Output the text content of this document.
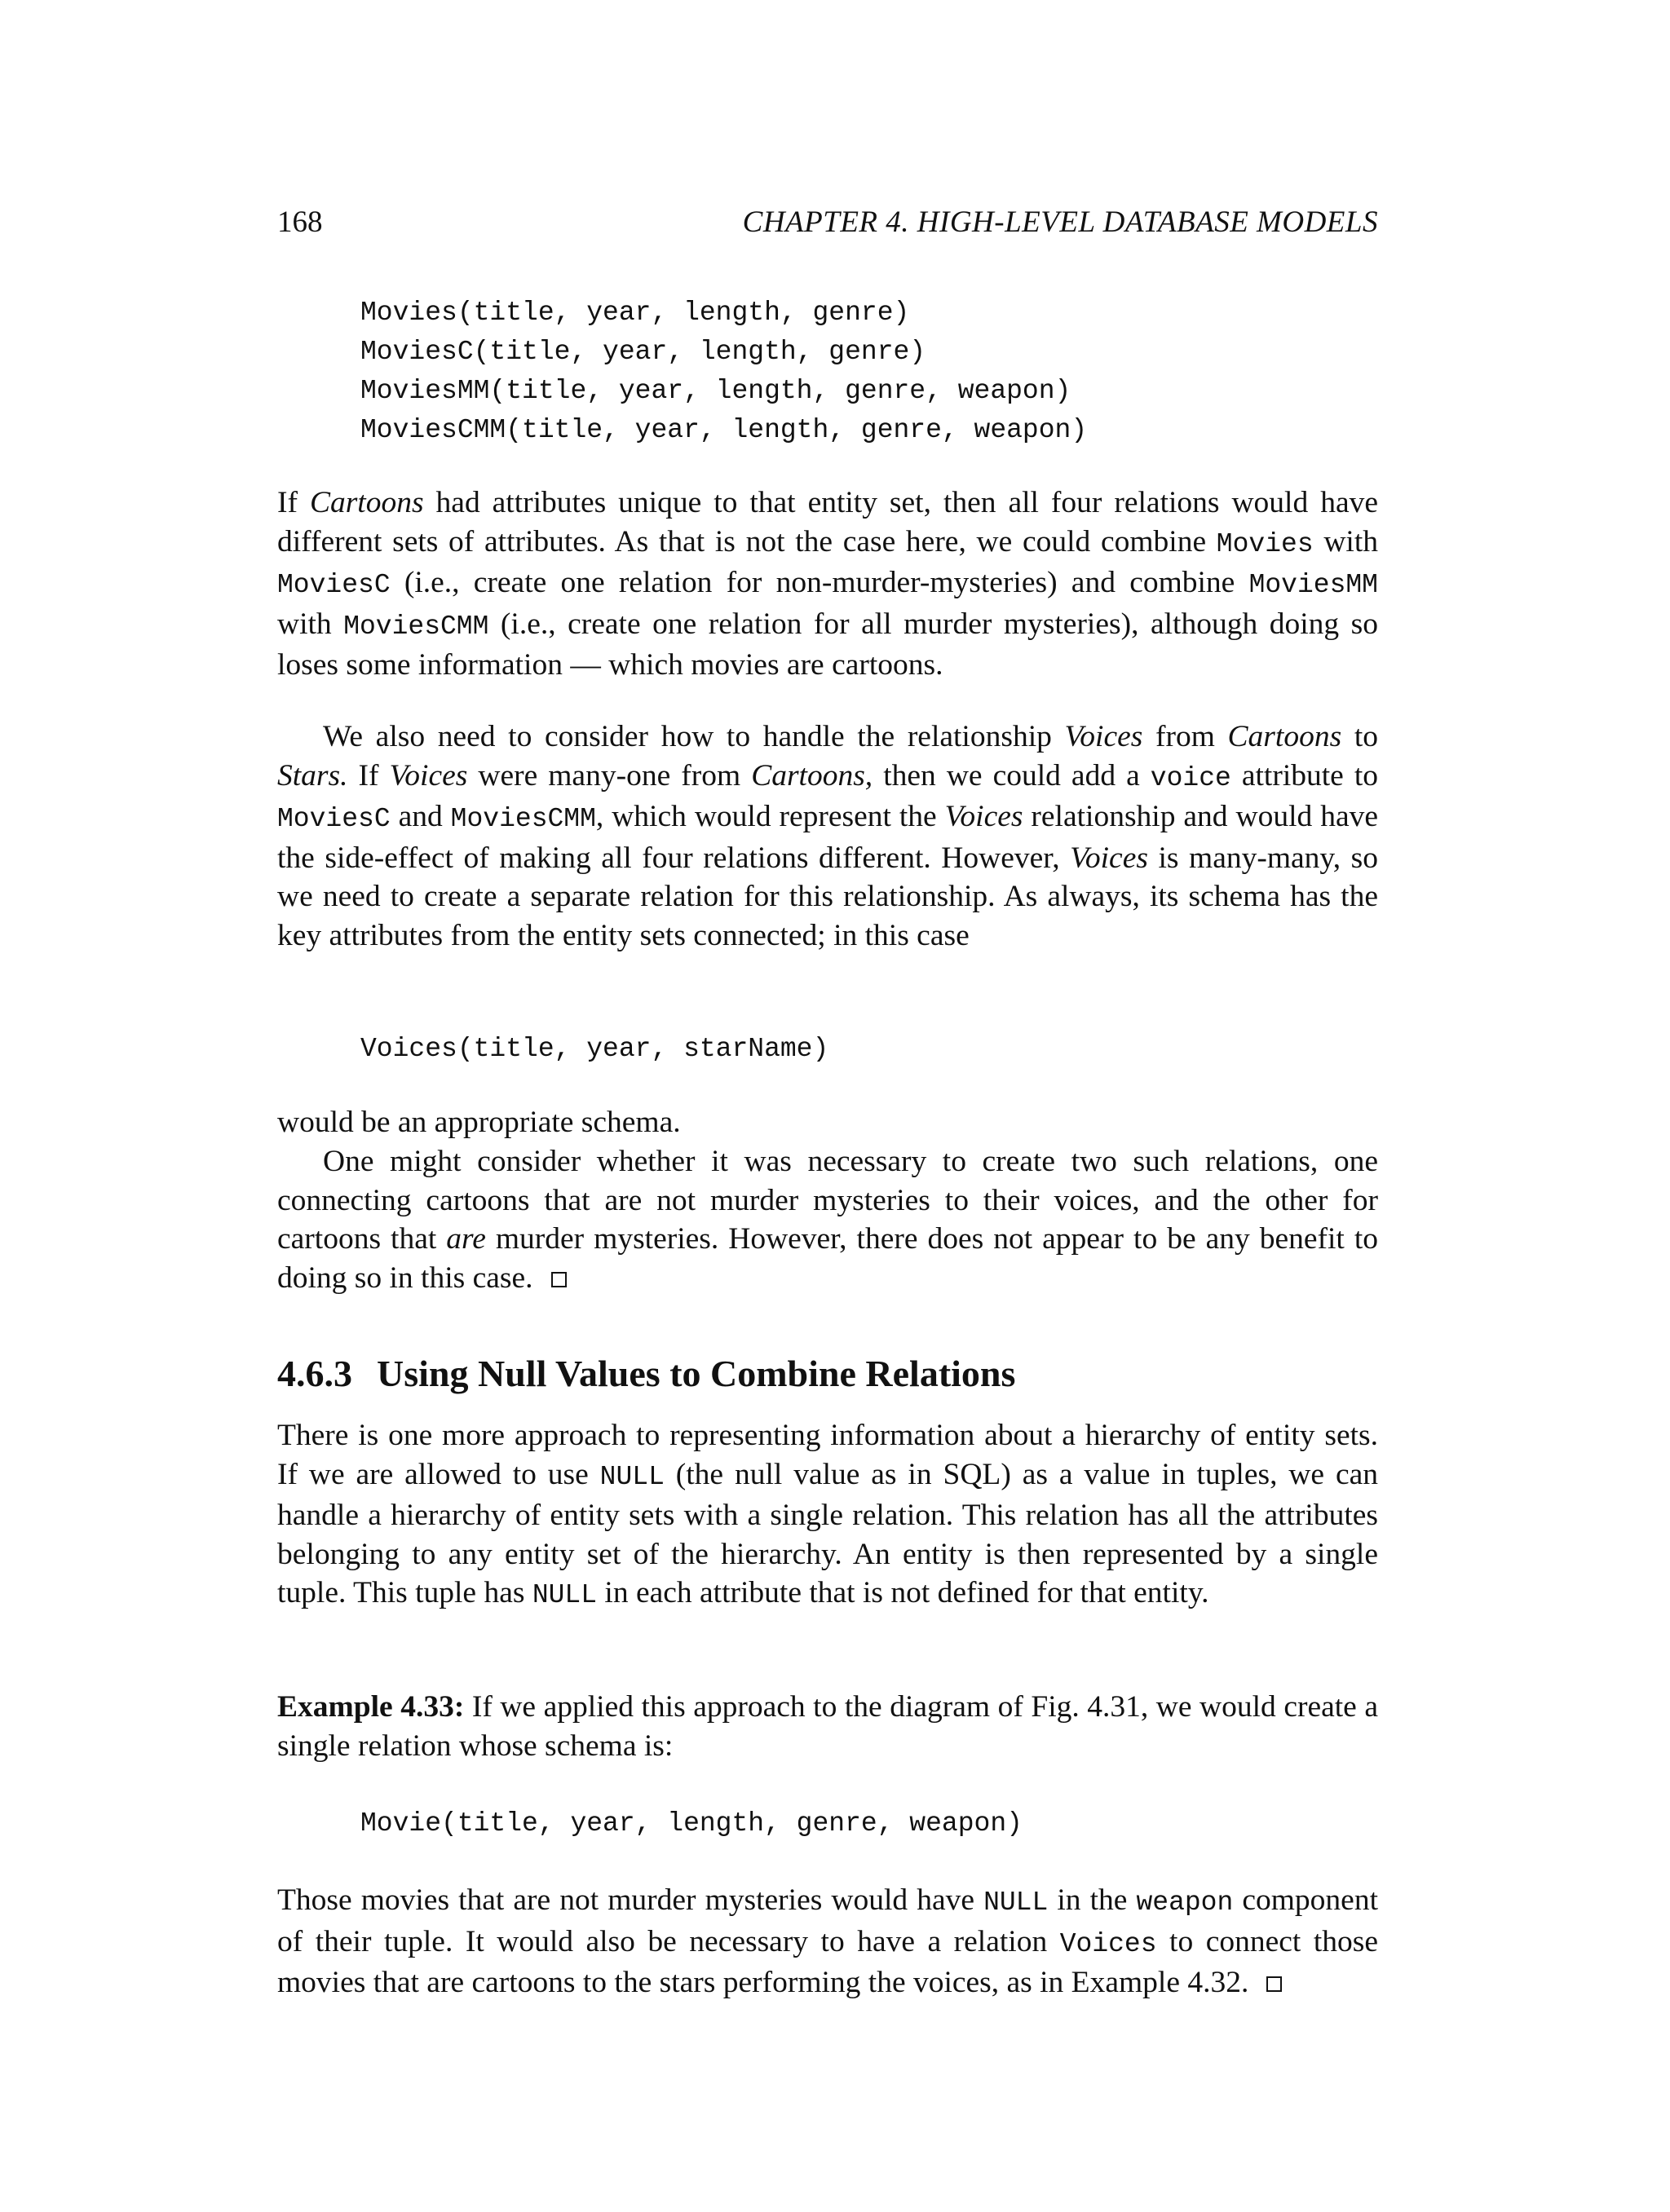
168	CHAPTER 4. HIGH-LEVEL DATABASE MODELS
Movies(title, year, length, genre)
MoviesC(title, year, length, genre)
MoviesMM(title, year, length, genre, weapon)
MoviesCMM(title, year, length, genre, weapon)

If Cartoons had attributes unique to that entity set, then all four relations would have different sets of attributes. As that is not the case here, we could combine Movies with MoviesC (i.e., create one relation for non-murder-mysteries) and combine MoviesMM with MoviesCMM (i.e., create one relation for all murder mysteries), although doing so loses some information — which movies are cartoons.

We also need to consider how to handle the relationship Voices from Cartoons to Stars. If Voices were many-one from Cartoons, then we could add a voice attribute to MoviesC and MoviesCMM, which would represent the Voices relationship and would have the side-effect of making all four relations different. However, Voices is many-many, so we need to create a separate relation for this relationship. As always, its schema has the key attributes from the entity sets connected; in this case

Voices(title, year, starName)

would be an appropriate schema.

One might consider whether it was necessary to create two such relations, one connecting cartoons that are not murder mysteries to their voices, and the other for cartoons that are murder mysteries. However, there does not appear to be any benefit to doing so in this case.

4.6.3 Using Null Values to Combine Relations

There is one more approach to representing information about a hierarchy of entity sets. If we are allowed to use NULL (the null value as in SQL) as a value in tuples, we can handle a hierarchy of entity sets with a single relation. This relation has all the attributes belonging to any entity set of the hierarchy. An entity is then represented by a single tuple. This tuple has NULL in each attribute that is not defined for that entity.

Example 4.33: If we applied this approach to the diagram of Fig. 4.31, we would create a single relation whose schema is:

Movie(title, year, length, genre, weapon)

Those movies that are not murder mysteries would have NULL in the weapon component of their tuple. It would also be necessary to have a relation Voices to connect those movies that are cartoons to the stars performing the voices, as in Example 4.32.
